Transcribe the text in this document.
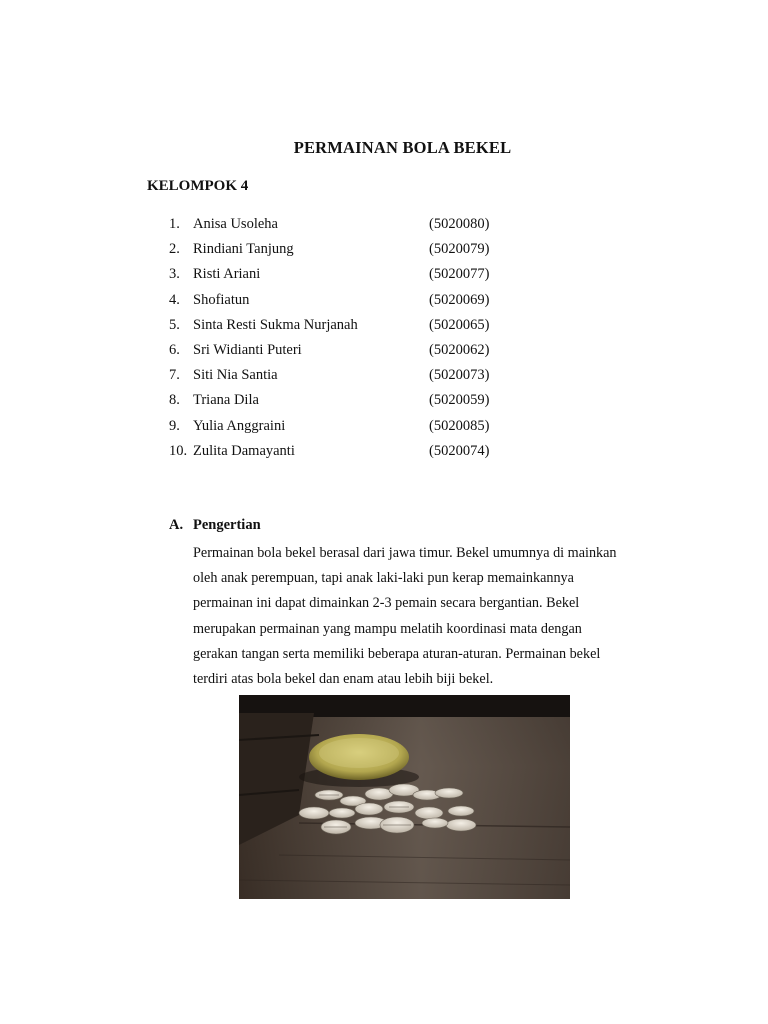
PERMAINAN BOLA BEKEL
KELOMPOK 4
1. Anisa Usoleha	(5020080)
2. Rindiani Tanjung	(5020079)
3. Risti Ariani	(5020077)
4. Shofiatun	(5020069)
5. Sinta Resti Sukma Nurjanah	(5020065)
6. Sri Widianti Puteri	(5020062)
7. Siti Nia Santia	(5020073)
8. Triana Dila	(5020059)
9. Yulia Anggraini	(5020085)
10. Zulita Damayanti	(5020074)
A. Pengertian
Permainan bola bekel berasal dari jawa timur. Bekel umumnya di mainkan
oleh anak perempuan, tapi anak laki-laki pun kerap memainkannya
permainan ini dapat dimainkan 2-3 pemain secara bergantian. Bekel
merupakan permainan yang mampu melatih koordinasi mata dengan
gerakan tangan serta memiliki beberapa aturan-aturan. Permainan bekel
terdiri atas bola bekel dan enam atau lebih biji bekel.
